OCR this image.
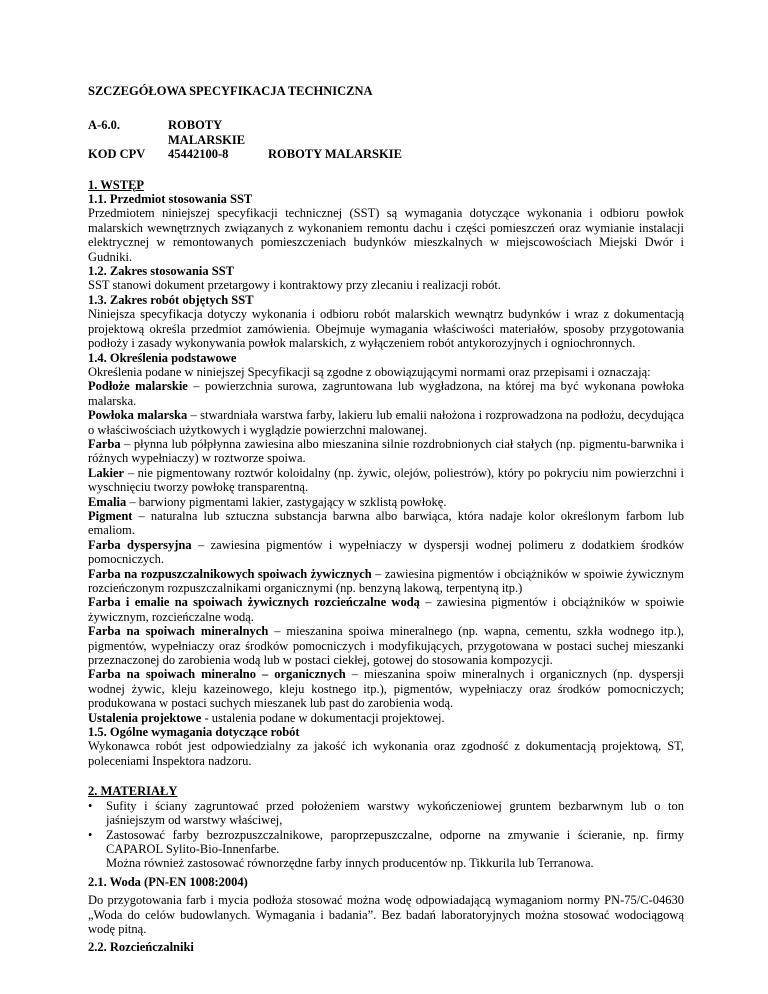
SZCZEGÓŁOWA SPECYFIKACJA TECHNICZNA
A-6.0.	ROBOTY MALARSKIE
KOD CPV	45442100-8	ROBOTY MALARSKIE
1. WSTĘP
1.1. Przedmiot stosowania SST

Przedmiotem niniejszej specyfikacji technicznej (SST) są wymagania dotyczące wykonania i odbioru powłok malarskich wewnętrznych związanych z wykonaniem remontu dachu i części pomieszczeń oraz wymianie instalacji elektrycznej w remontowanych pomieszczeniach budynków mieszkalnych w miejscowościach Miejski Dwór i Gudniki.

1.2. Zakres stosowania SST

SST stanowi dokument przetargowy i kontraktowy przy zlecaniu i realizacji robót.

1.3. Zakres robót objętych SST

Niniejsza specyfikacja dotyczy wykonania i odbioru robót malarskich wewnątrz budynków i wraz z dokumentacją projektową określa przedmiot zamówienia. Obejmuje wymagania właściwości materiałów, sposoby przygotowania podłoży i zasady wykonywania powłok malarskich, z wyłączeniem robót antykorozyjnych i ogniochronnych.

1.4. Określenia podstawowe

Określenia podane w niniejszej Specyfikacji są zgodne z obowiązującymi normami oraz przepisami i oznaczają:

Podłoże malarskie – powierzchnia surowa, zagruntowana lub wygładzona, na której ma być wykonana powłoka malarska.

Powłoka malarska – stwardniała warstwa farby, lakieru lub emalii nałożona i rozprowadzona na podłożu, decydująca o właściwościach użytkowych i wyglądzie powierzchni malowanej.

Farba – płynna lub półpłynna zawiesina albo mieszanina silnie rozdrobnionych ciał stałych (np. pigmentu-barwnika i różnych wypełniaczy) w roztworze spoiwa.

Lakier – nie pigmentowany roztwór koloidalny (np. żywic, olejów, poliestrów), który po pokryciu nim powierzchni i wyschnięciu tworzy powłokę transparentną.

Emalia – barwiony pigmentami lakier, zastygający w szklistą powłokę.

Pigment – naturalna lub sztuczna substancja barwna albo barwiąca, która nadaje kolor określonym farbom lub emaliom.

Farba dyspersyjna – zawiesina pigmentów i wypełniaczy w dyspersji wodnej polimeru z dodatkiem środków pomocniczych.

Farba na rozpuszczalnikowych spoiwach żywicznych – zawiesina pigmentów i obciążników w spoiwie żywicznym rozcieńczonym rozpuszczalnikami organicznymi (np. benzyną lakową, terpentyną itp.)

Farba i emalie na spoiwach żywicznych rozcieńczalne wodą – zawiesina pigmentów i obciążników w spoiwie żywicznym, rozcieńczalne wodą.

Farba na spoiwach mineralnych – mieszanina spoiwa mineralnego (np. wapna, cementu, szkła wodnego itp.), pigmentów, wypełniaczy oraz środków pomocniczych i modyfikujących, przygotowana w postaci suchej mieszanki przeznaczonej do zarobienia wodą lub w postaci ciekłej, gotowej do stosowania kompozycji.

Farba na spoiwach mineralno – organicznych – mieszanina spoiw mineralnych i organicznych (np. dyspersji wodnej żywic, kleju kazeinowego, kleju kostnego itp.), pigmentów, wypełniaczy oraz środków pomocniczych; produkowana w postaci suchych mieszanek lub past do zarobienia wodą.

Ustalenia projektowe - ustalenia podane w dokumentacji projektowej.

1.5. Ogólne wymagania dotyczące robót

Wykonawca robót jest odpowiedzialny za jakość ich wykonania oraz zgodność z dokumentacją projektową, ST, poleceniami Inspektora nadzoru.

2. MATERIAŁY
• Sufity i ściany zagruntować przed położeniem warstwy wykończeniowej gruntem bezbarwnym lub o ton jaśniejszym od warstwy właściwej,
• Zastosować farby bezrozpuszczalnikowe, paroprzepuszczalne, odporne na zmywanie i ścieranie, np. firmy CAPAROL Sylito-Bio-Innenfarbe.

Można również zastosować równorzędne farby innych producentów np. Tikkurila lub Terranowa.

2.1. Woda (PN-EN 1008:2004)

Do przygotowania farb i mycia podłoża stosować można wodę odpowiadającą wymaganiom normy PN-75/C-04630 „Woda do celów budowlanych. Wymagania i badania”. Bez badań laboratoryjnych można stosować wodociągową wodę pitną.

2.2. Rozcieńczalniki
